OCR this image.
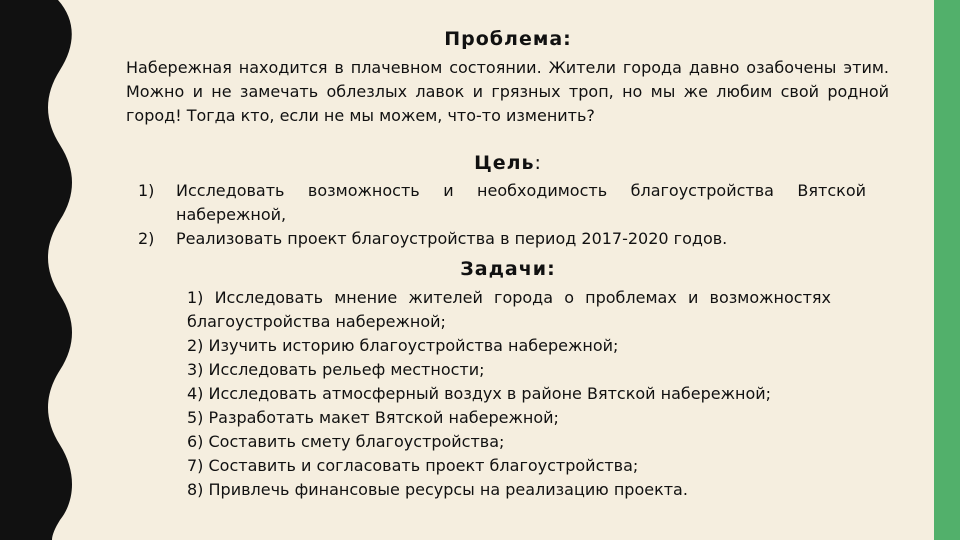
Проблема:

Набережная находится в плачевном состоянии. Жители города давно озабочены этим. Можно и не замечать облезлых лавок и грязных троп, но мы же любим свой родной город! Тогда кто, если не мы можем, что-то изменить?

Цель:
1) Исследовать возможность и необходимость благоустройства Вятской набережной,
2) Реализовать проект благоустройства в период 2017-2020 годов.
Задачи:
1) Исследовать мнение жителей города о проблемах и возможностях благоустройства набережной;
2) Изучить историю благоустройства набережной;
3) Исследовать рельеф местности;
4) Исследовать атмосферный воздух в районе Вятской набережной;
5) Разработать макет Вятской набережной;
6) Составить смету благоустройства;
7) Составить и согласовать проект благоустройства;
8) Привлечь финансовые ресурсы на реализацию проекта.
